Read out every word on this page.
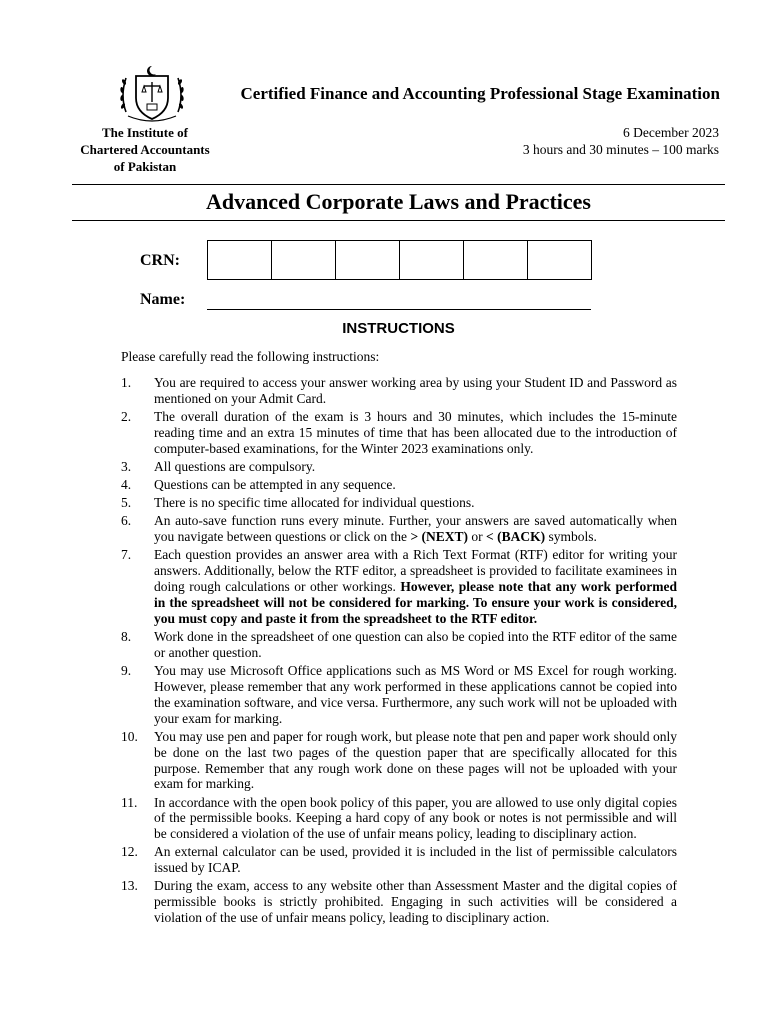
Certified Finance and Accounting Professional Stage Examination
The Institute of
Chartered Accountants
of Pakistan
6 December 2023
3 hours and 30 minutes – 100 marks
Advanced Corporate Laws and Practices
CRN:
Name:
INSTRUCTIONS
Please carefully read the following instructions:
1.	You are required to access your answer working area by using your Student ID and Password as mentioned on your Admit Card.
2.	The overall duration of the exam is 3 hours and 30 minutes, which includes the 15-minute reading time and an extra 15 minutes of time that has been allocated due to the introduction of computer-based examinations, for the Winter 2023 examinations only.
3.	All questions are compulsory.
4.	Questions can be attempted in any sequence.
5.	There is no specific time allocated for individual questions.
6.	An auto-save function runs every minute. Further, your answers are saved automatically when you navigate between questions or click on the > (NEXT) or < (BACK) symbols.
7.	Each question provides an answer area with a Rich Text Format (RTF) editor for writing your answers. Additionally, below the RTF editor, a spreadsheet is provided to facilitate examinees in doing rough calculations or other workings. However, please note that any work performed in the spreadsheet will not be considered for marking. To ensure your work is considered, you must copy and paste it from the spreadsheet to the RTF editor.
8.	Work done in the spreadsheet of one question can also be copied into the RTF editor of the same or another question.
9.	You may use Microsoft Office applications such as MS Word or MS Excel for rough working. However, please remember that any work performed in these applications cannot be copied into the examination software, and vice versa. Furthermore, any such work will not be uploaded with your exam for marking.
10.	You may use pen and paper for rough work, but please note that pen and paper work should only be done on the last two pages of the question paper that are specifically allocated for this purpose. Remember that any rough work done on these pages will not be uploaded with your exam for marking.
11.	In accordance with the open book policy of this paper, you are allowed to use only digital copies of the permissible books. Keeping a hard copy of any book or notes is not permissible and will be considered a violation of the use of unfair means policy, leading to disciplinary action.
12.	An external calculator can be used, provided it is included in the list of permissible calculators issued by ICAP.
13.	During the exam, access to any website other than Assessment Master and the digital copies of permissible books is strictly prohibited. Engaging in such activities will be considered a violation of the use of unfair means policy, leading to disciplinary action.
